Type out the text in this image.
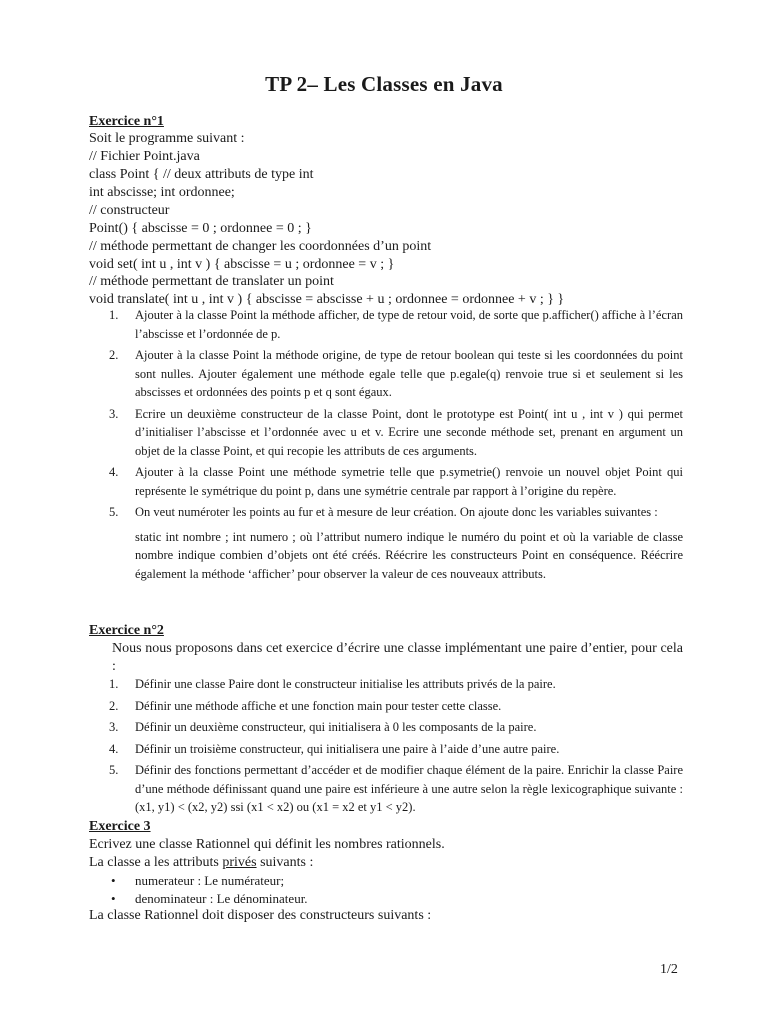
TP 2– Les Classes en Java
Exercice n°1
Soit le programme suivant :
// Fichier Point.java
class Point { // deux attributs de type int
int abscisse; int ordonnee;
// constructeur
Point() { abscisse = 0 ; ordonnee = 0 ; }
// méthode permettant de changer les coordonnées d’un point
void set( int u , int v ) { abscisse = u ; ordonnee = v ; }
// méthode permettant de translater un point
void translate( int u , int v ) { abscisse = abscisse + u ; ordonnee = ordonnee + v ; } }
1. Ajouter à la classe Point la méthode afficher, de type de retour void, de sorte que p.afficher() affiche à l’écran l’abscisse et l’ordonnée de p.
2. Ajouter à la classe Point la méthode origine, de type de retour boolean qui teste si les coordonnées du point sont nulles. Ajouter également une méthode egale telle que p.egale(q) renvoie true si et seulement si les abscisses et ordonnées des points p et q sont égaux.
3. Ecrire un deuxième constructeur de la classe Point, dont le prototype est Point( int u , int v ) qui permet d’initialiser l’abscisse et l’ordonnée avec u et v. Ecrire une seconde méthode set, prenant en argument un objet de la classe Point, et qui recopie les attributs de ces arguments.
4. Ajouter à la classe Point une méthode symetrie telle que p.symetrie() renvoie un nouvel objet Point qui représente le symétrique du point p, dans une symétrie centrale par rapport à l’origine du repère.
5. On veut numéroter les points au fur et à mesure de leur création. On ajoute donc les variables suivantes :
static int nombre ; int numero ; où l’attribut numero indique le numéro du point et où la variable de classe nombre indique combien d’objets ont été créés. Réécrire les constructeurs Point en conséquence. Réécrire également la méthode ‘afficher’ pour observer la valeur de ces nouveaux attributs.
Exercice n°2
Nous nous proposons dans cet exercice d’écrire une classe implémentant une paire d’entier, pour cela :
1. Définir une classe Paire dont le constructeur initialise les attributs privés de la paire.
2. Définir une méthode affiche et une fonction main pour tester cette classe.
3. Définir un deuxième constructeur, qui initialisera à 0 les composants de la paire.
4. Définir un troisième constructeur, qui initialisera une paire à l’aide d’une autre paire.
5. Définir des fonctions permettant d’accéder et de modifier chaque élément de la paire. Enrichir la classe Paire d’une méthode définissant quand une paire est inférieure à une autre selon la règle lexicographique suivante : (x1, y1) < (x2, y2) ssi (x1 < x2) ou (x1 = x2 et y1 < y2).
Exercice 3
Ecrivez une classe Rationnel qui définit les nombres rationnels.
La classe a les attributs privés suivants :
• numerateur : Le numérateur;
• denominateur : Le dénominateur.
La classe Rationnel doit disposer des constructeurs suivants :
1/2
